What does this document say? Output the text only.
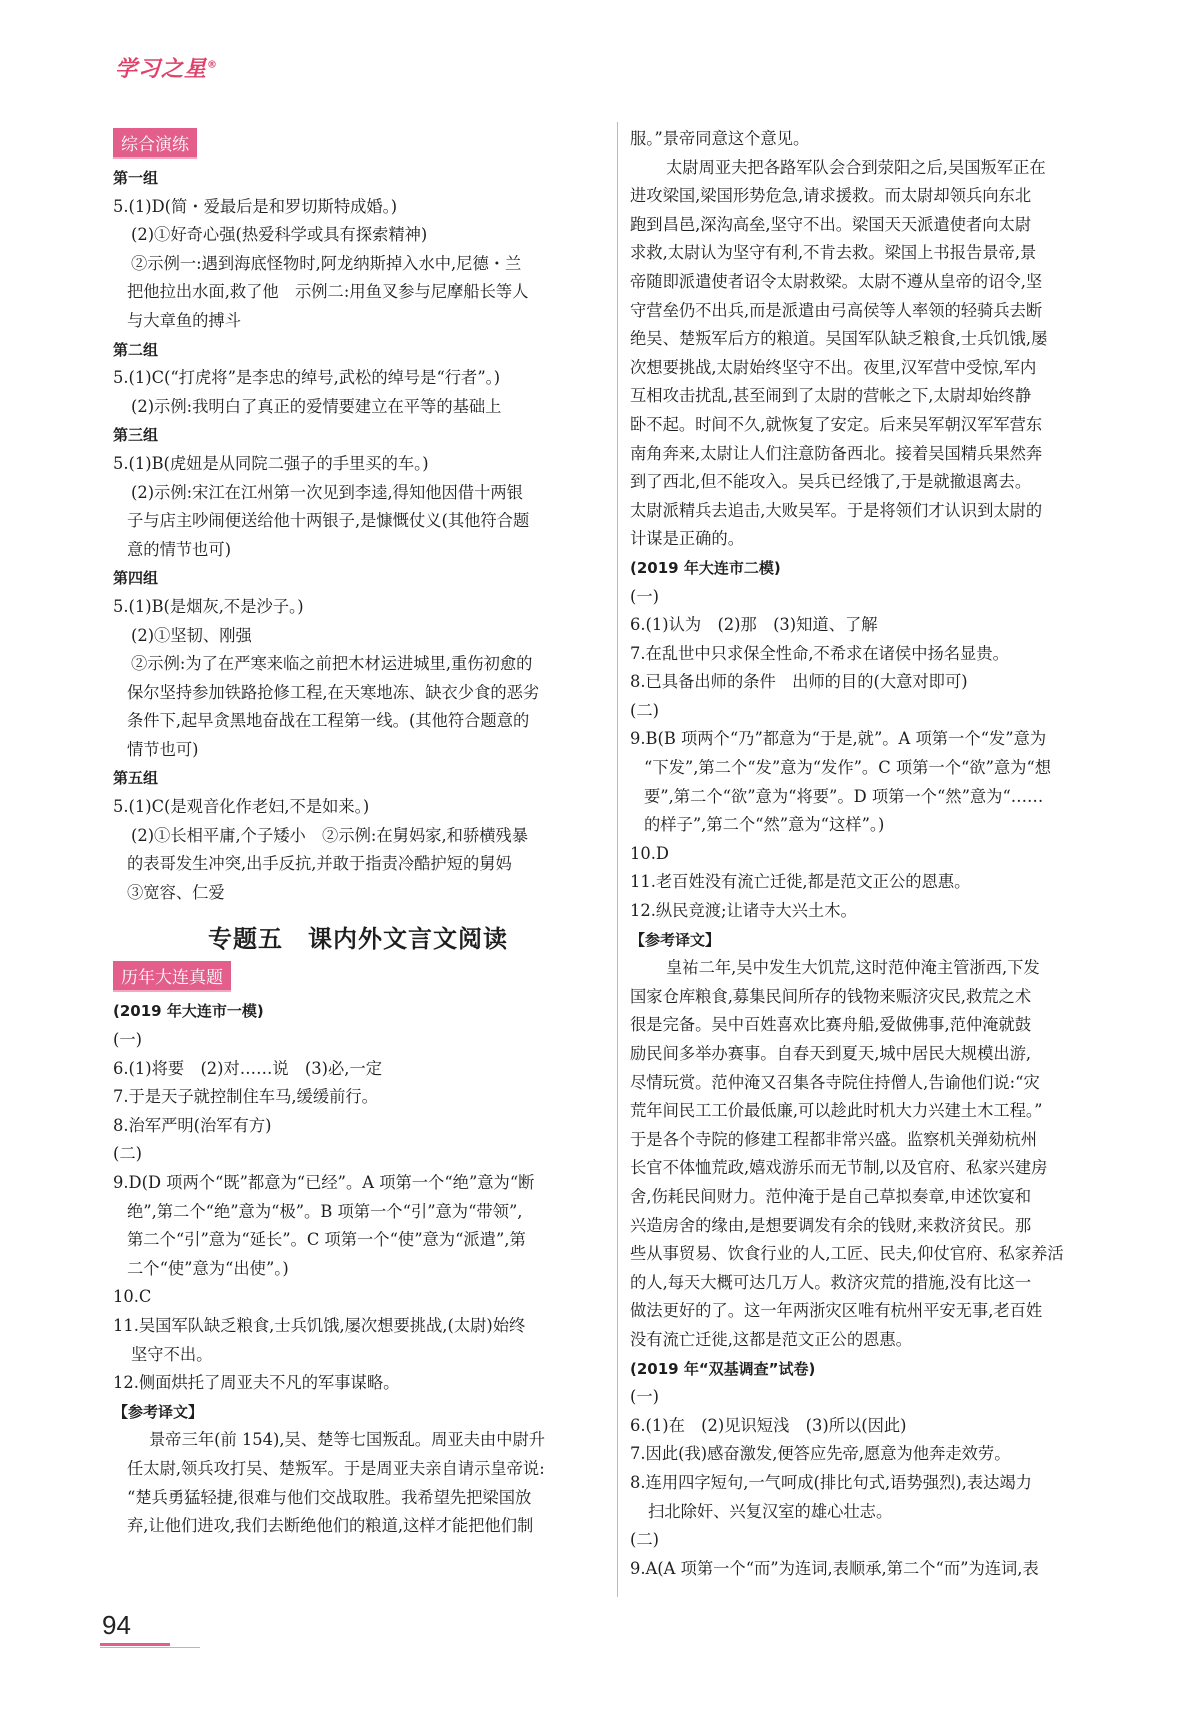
学习之星®
综合演练
第一组
5.(1)D(简・爱最后是和罗切斯特成婚。)
(2)①好奇心强(热爱科学或具有探索精神)
②示例一:遇到海底怪物时,阿龙纳斯掉入水中,尼德・兰
把他拉出水面,救了他　示例二:用鱼叉参与尼摩船长等人
与大章鱼的搏斗
第二组
5.(1)C(“打虎将”是李忠的绰号,武松的绰号是“行者”。)
(2)示例:我明白了真正的爱情要建立在平等的基础上
第三组
5.(1)B(虎妞是从同院二强子的手里买的车。)
(2)示例:宋江在江州第一次见到李逵,得知他因借十两银
子与店主吵闹便送给他十两银子,是慷慨仗义(其他符合题
意的情节也可)
第四组
5.(1)B(是烟灰,不是沙子。)
(2)①坚韧、刚强
②示例:为了在严寒来临之前把木材运进城里,重伤初愈的
保尔坚持参加铁路抢修工程,在天寒地冻、缺衣少食的恶劣
条件下,起早贪黑地奋战在工程第一线。(其他符合题意的
情节也可)
第五组
5.(1)C(是观音化作老妇,不是如来。)
(2)①长相平庸,个子矮小　②示例:在舅妈家,和骄横残暴
的表哥发生冲突,出手反抗,并敢于指责冷酷护短的舅妈
③宽容、仁爱
专题五　课内外文言文阅读
历年大连真题
(2019 年大连市一模)
(一)
6.(1)将要　(2)对……说　(3)必,一定
7.于是天子就控制住车马,缓缓前行。
8.治军严明(治军有方)
(二)
9.D(D 项两个“既”都意为“已经”。A 项第一个“绝”意为“断
绝”,第二个“绝”意为“极”。B 项第一个“引”意为“带领”,
第二个“引”意为“延长”。C 项第一个“使”意为“派遣”,第
二个“使”意为“出使”。)
10.C
11.吴国军队缺乏粮食,士兵饥饿,屡次想要挑战,(太尉)始终
坚守不出。
12.侧面烘托了周亚夫不凡的军事谋略。
【参考译文】
景帝三年(前 154),吴、楚等七国叛乱。周亚夫由中尉升
任太尉,领兵攻打吴、楚叛军。于是周亚夫亲自请示皇帝说:
“楚兵勇猛轻捷,很难与他们交战取胜。我希望先把梁国放
弃,让他们进攻,我们去断绝他们的粮道,这样才能把他们制
服。”景帝同意这个意见。
太尉周亚夫把各路军队会合到荥阳之后,吴国叛军正在
进攻梁国,梁国形势危急,请求援救。而太尉却领兵向东北
跑到昌邑,深沟高垒,坚守不出。梁国天天派遣使者向太尉
求救,太尉认为坚守有利,不肯去救。梁国上书报告景帝,景
帝随即派遣使者诏令太尉救梁。太尉不遵从皇帝的诏令,坚
守营垒仍不出兵,而是派遣由弓高侯等人率领的轻骑兵去断
绝吴、楚叛军后方的粮道。吴国军队缺乏粮食,士兵饥饿,屡
次想要挑战,太尉始终坚守不出。夜里,汉军营中受惊,军内
互相攻击扰乱,甚至闹到了太尉的营帐之下,太尉却始终静
卧不起。时间不久,就恢复了安定。后来吴军朝汉军军营东
南角奔来,太尉让人们注意防备西北。接着吴国精兵果然奔
到了西北,但不能攻入。吴兵已经饿了,于是就撤退离去。
太尉派精兵去追击,大败吴军。于是将领们才认识到太尉的
计谋是正确的。
(2019 年大连市二模)
(一)
6.(1)认为　(2)那　(3)知道、了解
7.在乱世中只求保全性命,不希求在诸侯中扬名显贵。
8.已具备出师的条件　出师的目的(大意对即可)
(二)
9.B(B 项两个“乃”都意为“于是,就”。A 项第一个“发”意为
“下发”,第二个“发”意为“发作”。C 项第一个“欲”意为“想
要”,第二个“欲”意为“将要”。D 项第一个“然”意为“……
的样子”,第二个“然”意为“这样”。)
10.D
11.老百姓没有流亡迁徙,都是范文正公的恩惠。
12.纵民竞渡;让诸寺大兴土木。
【参考译文】
皇祐二年,吴中发生大饥荒,这时范仲淹主管浙西,下发
国家仓库粮食,募集民间所存的钱物来赈济灾民,救荒之术
很是完备。吴中百姓喜欢比赛舟船,爱做佛事,范仲淹就鼓
励民间多举办赛事。自春天到夏天,城中居民大规模出游,
尽情玩赏。范仲淹又召集各寺院住持僧人,告谕他们说:“灾
荒年间民工工价最低廉,可以趁此时机大力兴建土木工程。”
于是各个寺院的修建工程都非常兴盛。监察机关弹劾杭州
长官不体恤荒政,嬉戏游乐而无节制,以及官府、私家兴建房
舍,伤耗民间财力。范仲淹于是自己草拟奏章,申述饮宴和
兴造房舍的缘由,是想要调发有余的钱财,来救济贫民。那
些从事贸易、饮食行业的人,工匠、民夫,仰仗官府、私家养活
的人,每天大概可达几万人。救济灾荒的措施,没有比这一
做法更好的了。这一年两浙灾区唯有杭州平安无事,老百姓
没有流亡迁徙,这都是范文正公的恩惠。
(2019 年“双基调查”试卷)
(一)
6.(1)在　(2)见识短浅　(3)所以(因此)
7.因此(我)感奋激发,便答应先帝,愿意为他奔走效劳。
8.连用四字短句,一气呵成(排比句式,语势强烈),表达竭力
扫北除奸、兴复汉室的雄心壮志。
(二)
9.A(A 项第一个“而”为连词,表顺承,第二个“而”为连词,表
94
